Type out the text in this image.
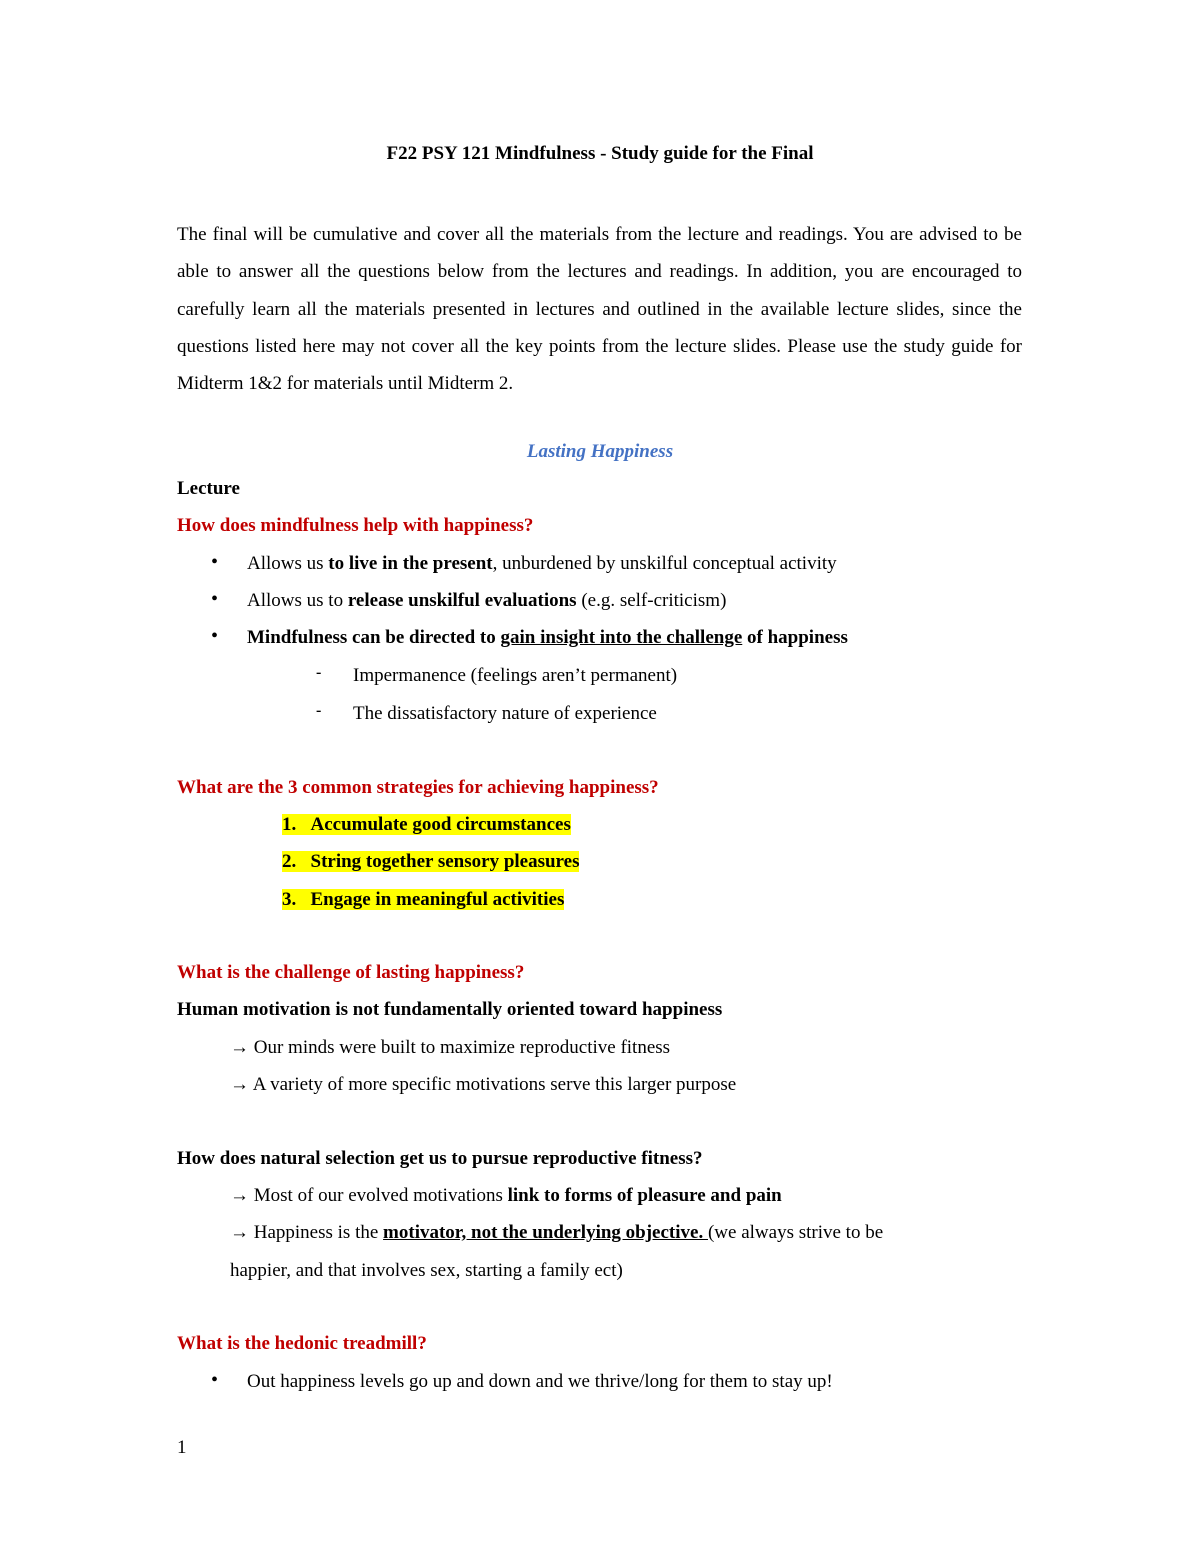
F22 PSY 121 Mindfulness - Study guide for the Final
The final will be cumulative and cover all the materials from the lecture and readings. You are advised to be able to answer all the questions below from the lectures and readings. In addition, you are encouraged to carefully learn all the materials presented in lectures and outlined in the available lecture slides, since the questions listed here may not cover all the key points from the lecture slides. Please use the study guide for Midterm 1&2 for materials until Midterm 2.
Lasting Happiness
Lecture
How does mindfulness help with happiness?
• Allows us to live in the present, unburdened by unskilful conceptual activity
• Allows us to release unskilful evaluations (e.g. self-criticism)
• Mindfulness can be directed to gain insight into the challenge of happiness
- Impermanence (feelings aren’t permanent)
- The dissatisfactory nature of experience
What are the 3 common strategies for achieving happiness?
1. Accumulate good circumstances
2. String together sensory pleasures
3. Engage in meaningful activities
What is the challenge of lasting happiness?
Human motivation is not fundamentally oriented toward happiness
→ Our minds were built to maximize reproductive fitness
→ A variety of more specific motivations serve this larger purpose
How does natural selection get us to pursue reproductive fitness?
→ Most of our evolved motivations link to forms of pleasure and pain
→ Happiness is the motivator, not the underlying objective. (we always strive to be
happier, and that involves sex, starting a family ect)
What is the hedonic treadmill?
• Out happiness levels go up and down and we thrive/long for them to stay up!
1
